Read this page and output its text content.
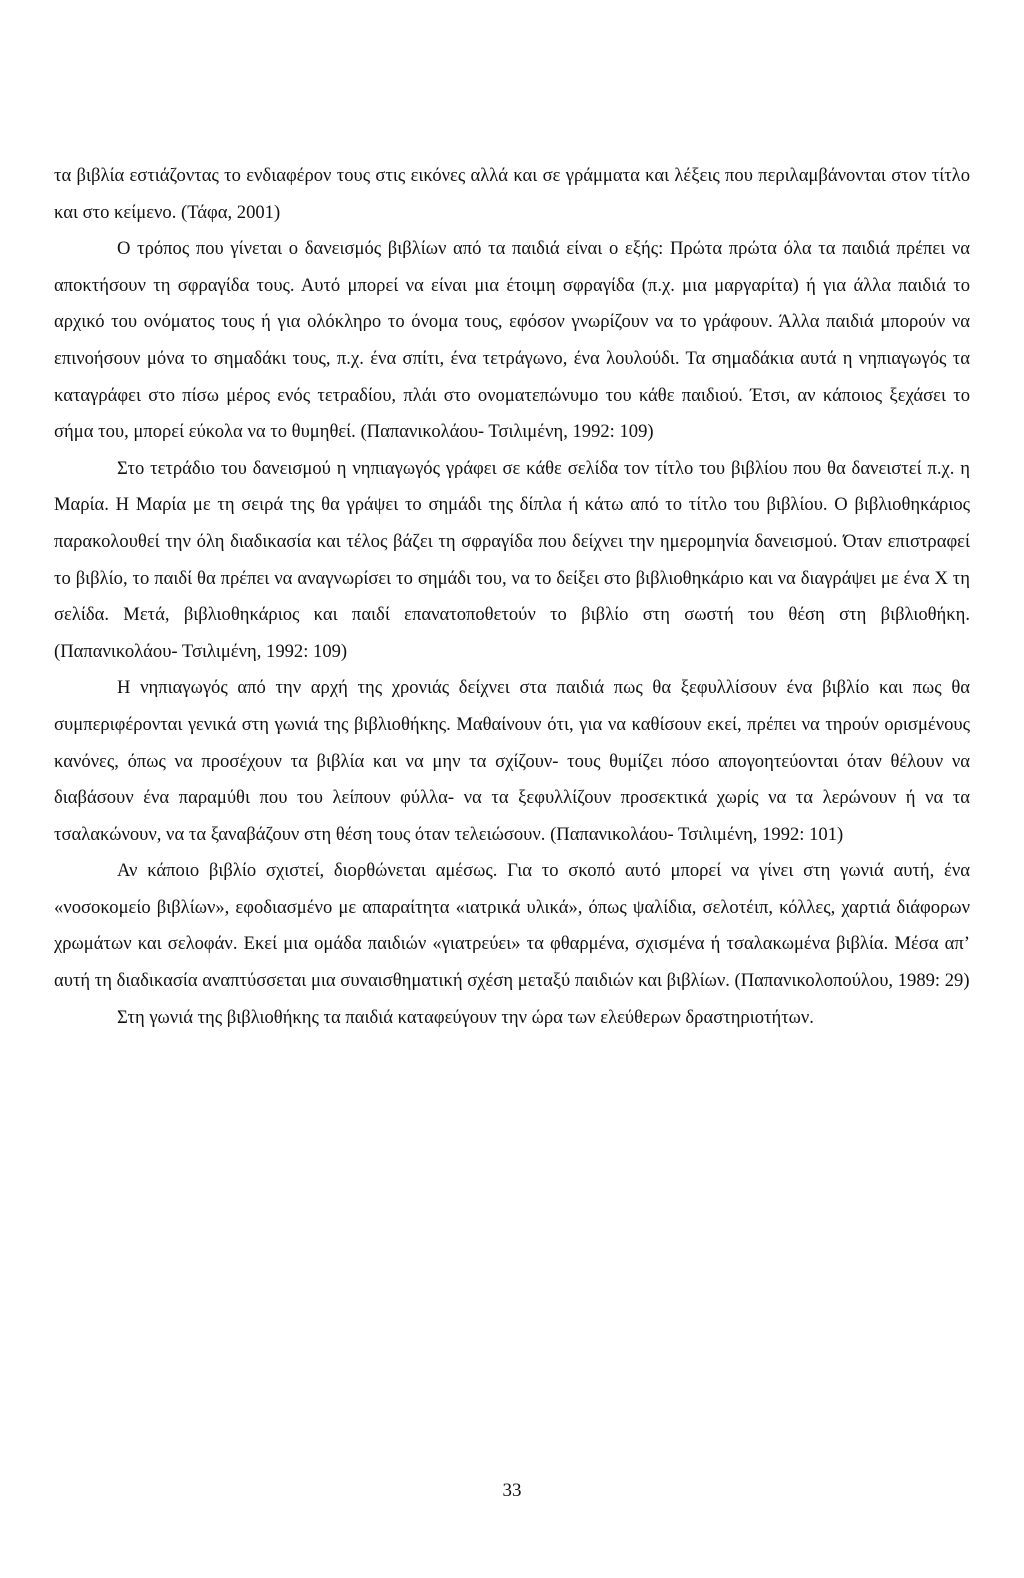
τα βιβλία εστιάζοντας το ενδιαφέρον τους στις εικόνες αλλά και σε γράμματα και λέξεις που περιλαμβάνονται στον τίτλο και στο κείμενο. (Τάφα, 2001)

Ο τρόπος που γίνεται ο δανεισμός βιβλίων από τα παιδιά είναι ο εξής: Πρώτα πρώτα όλα τα παιδιά πρέπει να αποκτήσουν τη σφραγίδα τους. Αυτό μπορεί να είναι μια έτοιμη σφραγίδα (π.χ. μια μαργαρίτα) ή για άλλα παιδιά το αρχικό του ονόματος τους ή για ολόκληρο το όνομα τους, εφόσον γνωρίζουν να το γράφουν. Άλλα παιδιά μπορούν να επινοήσουν μόνα το σημαδάκι τους, π.χ. ένα σπίτι, ένα τετράγωνο, ένα λουλούδι. Τα σημαδάκια αυτά η νηπιαγωγός τα καταγράφει στο πίσω μέρος ενός τετραδίου, πλάι στο ονοματεπώνυμο του κάθε παιδιού. Έτσι, αν κάποιος ξεχάσει το σήμα του, μπορεί εύκολα να το θυμηθεί. (Παπανικολάου- Τσιλιμένη, 1992: 109)

Στο τετράδιο του δανεισμού η νηπιαγωγός γράφει σε κάθε σελίδα τον τίτλο του βιβλίου που θα δανειστεί π.χ. η Μαρία. Η Μαρία με τη σειρά της θα γράψει το σημάδι της δίπλα ή κάτω από το τίτλο του βιβλίου. Ο βιβλιοθηκάριος παρακολουθεί την όλη διαδικασία και τέλος βάζει τη σφραγίδα που δείχνει την ημερομηνία δανεισμού. Όταν επιστραφεί το βιβλίο, το παιδί θα πρέπει να αναγνωρίσει το σημάδι του, να το δείξει στο βιβλιοθηκάριο και να διαγράψει με ένα Χ τη σελίδα. Μετά, βιβλιοθηκάριος και παιδί επανατοποθετούν το βιβλίο στη σωστή του θέση στη βιβλιοθήκη. (Παπανικολάου- Τσιλιμένη, 1992: 109)

Η νηπιαγωγός από την αρχή της χρονιάς δείχνει στα παιδιά πως θα ξεφυλλίσουν ένα βιβλίο και πως θα συμπεριφέρονται γενικά στη γωνιά της βιβλιοθήκης. Μαθαίνουν ότι, για να καθίσουν εκεί, πρέπει να τηρούν ορισμένους κανόνες, όπως να προσέχουν τα βιβλία και να μην τα σχίζουν- τους θυμίζει πόσο απογοητεύονται όταν θέλουν να διαβάσουν ένα παραμύθι που του λείπουν φύλλα- να τα ξεφυλλίζουν προσεκτικά χωρίς να τα λερώνουν ή να τα τσαλακώνουν, να τα ξαναβάζουν στη θέση τους όταν τελειώσουν. (Παπανικολάου- Τσιλιμένη, 1992: 101)

Αν κάποιο βιβλίο σχιστεί, διορθώνεται αμέσως. Για το σκοπό αυτό μπορεί να γίνει στη γωνιά αυτή, ένα «νοσοκομείο βιβλίων», εφοδιασμένο με απαραίτητα «ιατρικά υλικά», όπως ψαλίδια, σελοτέιπ, κόλλες, χαρτιά διάφορων χρωμάτων και σελοφάν. Εκεί μια ομάδα παιδιών «γιατρεύει» τα φθαρμένα, σχισμένα ή τσαλακωμένα βιβλία. Μέσα απ’ αυτή τη διαδικασία αναπτύσσεται μια συναισθηματική σχέση μεταξύ παιδιών και βιβλίων. (Παπανικολοπούλου, 1989: 29)

Στη γωνιά της βιβλιοθήκης τα παιδιά καταφεύγουν την ώρα των ελεύθερων δραστηριοτήτων.

33
